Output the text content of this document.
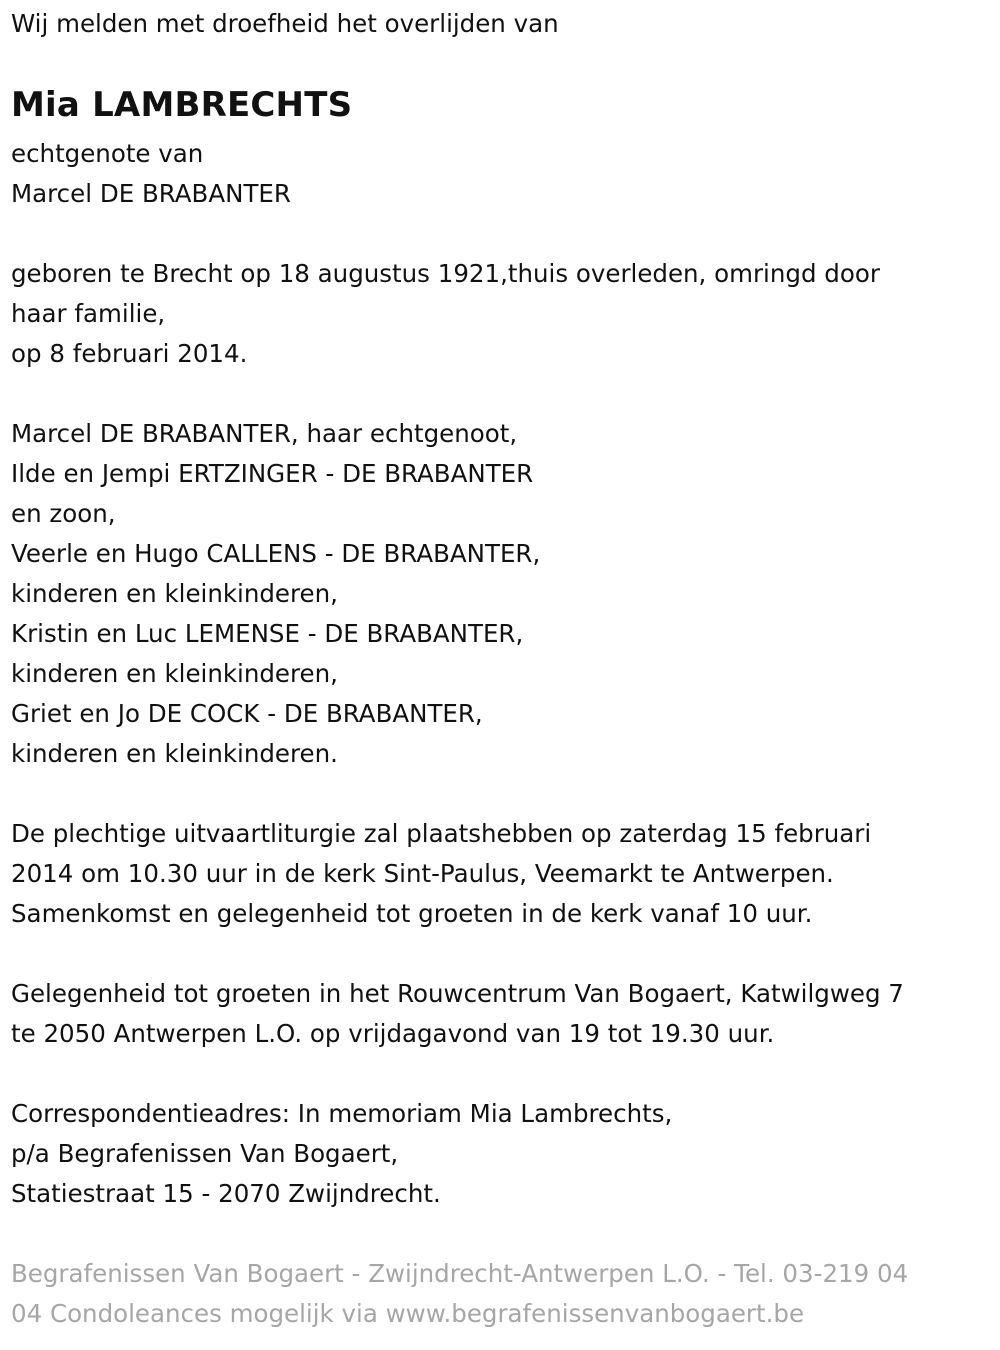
Wij melden met droefheid het overlijden van
Mia LAMBRECHTS
echtgenote van
Marcel DE BRABANTER
geboren te Brecht op 18 augustus 1921,thuis overleden, omringd door
haar familie,
op 8 februari 2014.
Marcel DE BRABANTER, haar echtgenoot,
Ilde en Jempi ERTZINGER - DE BRABANTER
en zoon,
Veerle en Hugo CALLENS - DE BRABANTER,
kinderen en kleinkinderen,
Kristin en Luc LEMENSE - DE BRABANTER,
kinderen en kleinkinderen,
Griet en Jo DE COCK - DE BRABANTER,
kinderen en kleinkinderen.
De plechtige uitvaartliturgie zal plaatshebben op zaterdag 15 februari
2014 om 10.30 uur in de kerk Sint-Paulus, Veemarkt te Antwerpen.
Samenkomst en gelegenheid tot groeten in de kerk vanaf 10 uur.
Gelegenheid tot groeten in het Rouwcentrum Van Bogaert, Katwilgweg 7
te 2050 Antwerpen L.O. op vrijdagavond van 19 tot 19.30 uur.
Correspondentieadres: In memoriam Mia Lambrechts,
p/a Begrafenissen Van Bogaert,
Statiestraat 15 - 2070 Zwijndrecht.
Begrafenissen Van Bogaert - Zwijndrecht-Antwerpen L.O. - Tel. 03-219 04
04 Condoleances mogelijk via www.begrafenissenvanbogaert.be
